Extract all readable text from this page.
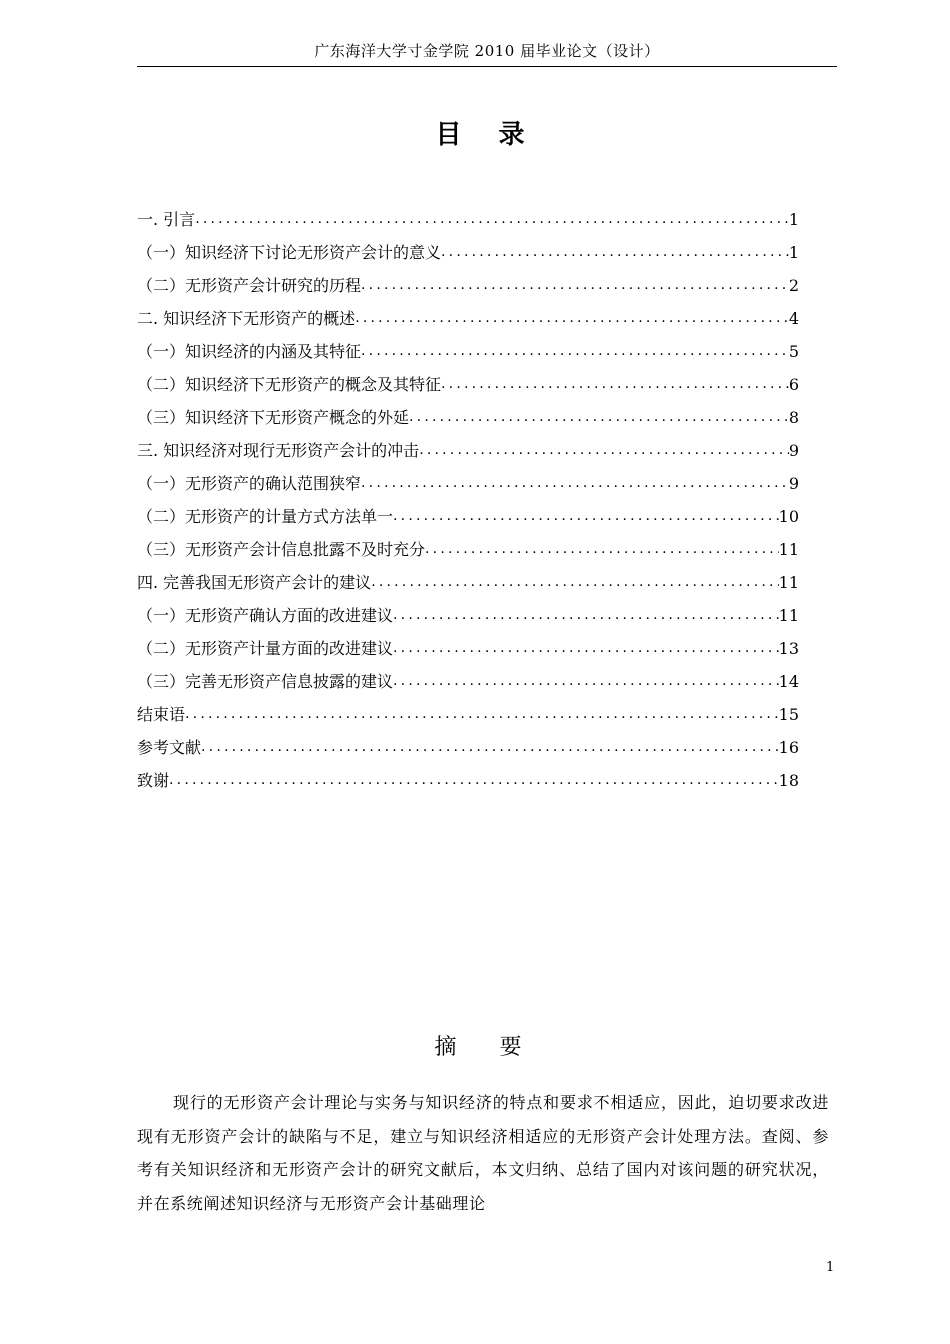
广东海洋大学寸金学院 2010 届毕业论文（设计）
目 录
一. 引言 .....	1
（一）知识经济下讨论无形资产会计的意义 .....	1
（二）无形资产会计研究的历程 .....	2
二. 知识经济下无形资产的概述 .....	4
（一）知识经济的内涵及其特征 .....	5
（二）知识经济下无形资产的概念及其特征 .....	6
（三）知识经济下无形资产概念的外延 .....	8
三. 知识经济对现行无形资产会计的冲击 .....	9
（一）无形资产的确认范围狭窄 .....	9
（二）无形资产的计量方式方法单一 .....	10
（三）无形资产会计信息批露不及时充分 .....	11
四. 完善我国无形资产会计的建议 .....	11
（一）无形资产确认方面的改进建议 .....	11
（二）无形资产计量方面的改进建议 .....	13
（三）完善无形资产信息披露的建议 .....	14
结束语 .....	15
参考文献 .....	16
致谢 .....	18
摘 要
现行的无形资产会计理论与实务与知识经济的特点和要求不相适应，因此，迫切要求改进现有无形资产会计的缺陷与不足，建立与知识经济相适应的无形资产会计处理方法。查阅、参考有关知识经济和无形资产会计的研究文献后，本文归纳、总结了国内对该问题的研究状况，并在系统阐述知识经济与无形资产会计基础理论
1
